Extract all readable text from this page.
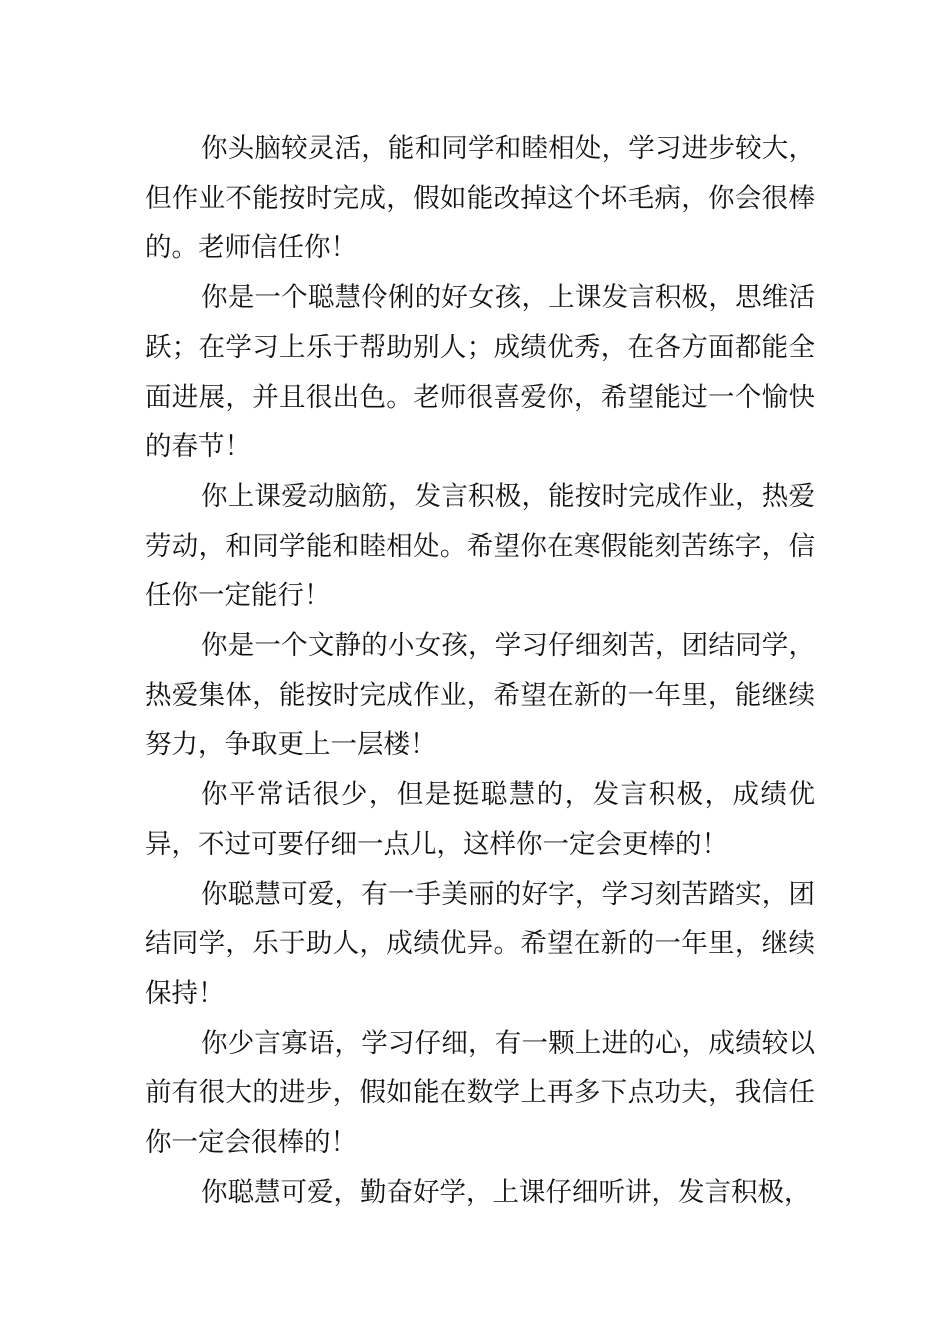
你头脑较灵活，能和同学和睦相处，学习进步较大，但作业不能按时完成，假如能改掉这个坏毛病，你会很棒的。老师信任你！

你是一个聪慧伶俐的好女孩，上课发言积极，思维活跃；在学习上乐于帮助别人；成绩优秀，在各方面都能全面进展，并且很出色。老师很喜爱你，希望能过一个愉快的春节！

你上课爱动脑筋，发言积极，能按时完成作业，热爱劳动，和同学能和睦相处。希望你在寒假能刻苦练字，信任你一定能行！

你是一个文静的小女孩，学习仔细刻苦，团结同学，热爱集体，能按时完成作业，希望在新的一年里，能继续努力，争取更上一层楼！

你平常话很少，但是挺聪慧的，发言积极，成绩优异，不过可要仔细一点儿，这样你一定会更棒的！

你聪慧可爱，有一手美丽的好字，学习刻苦踏实，团结同学，乐于助人，成绩优异。希望在新的一年里，继续保持！

你少言寡语，学习仔细，有一颗上进的心，成绩较以前有很大的进步，假如能在数学上再多下点功夫，我信任你一定会很棒的！

你聪慧可爱，勤奋好学，上课仔细听讲，发言积极，
